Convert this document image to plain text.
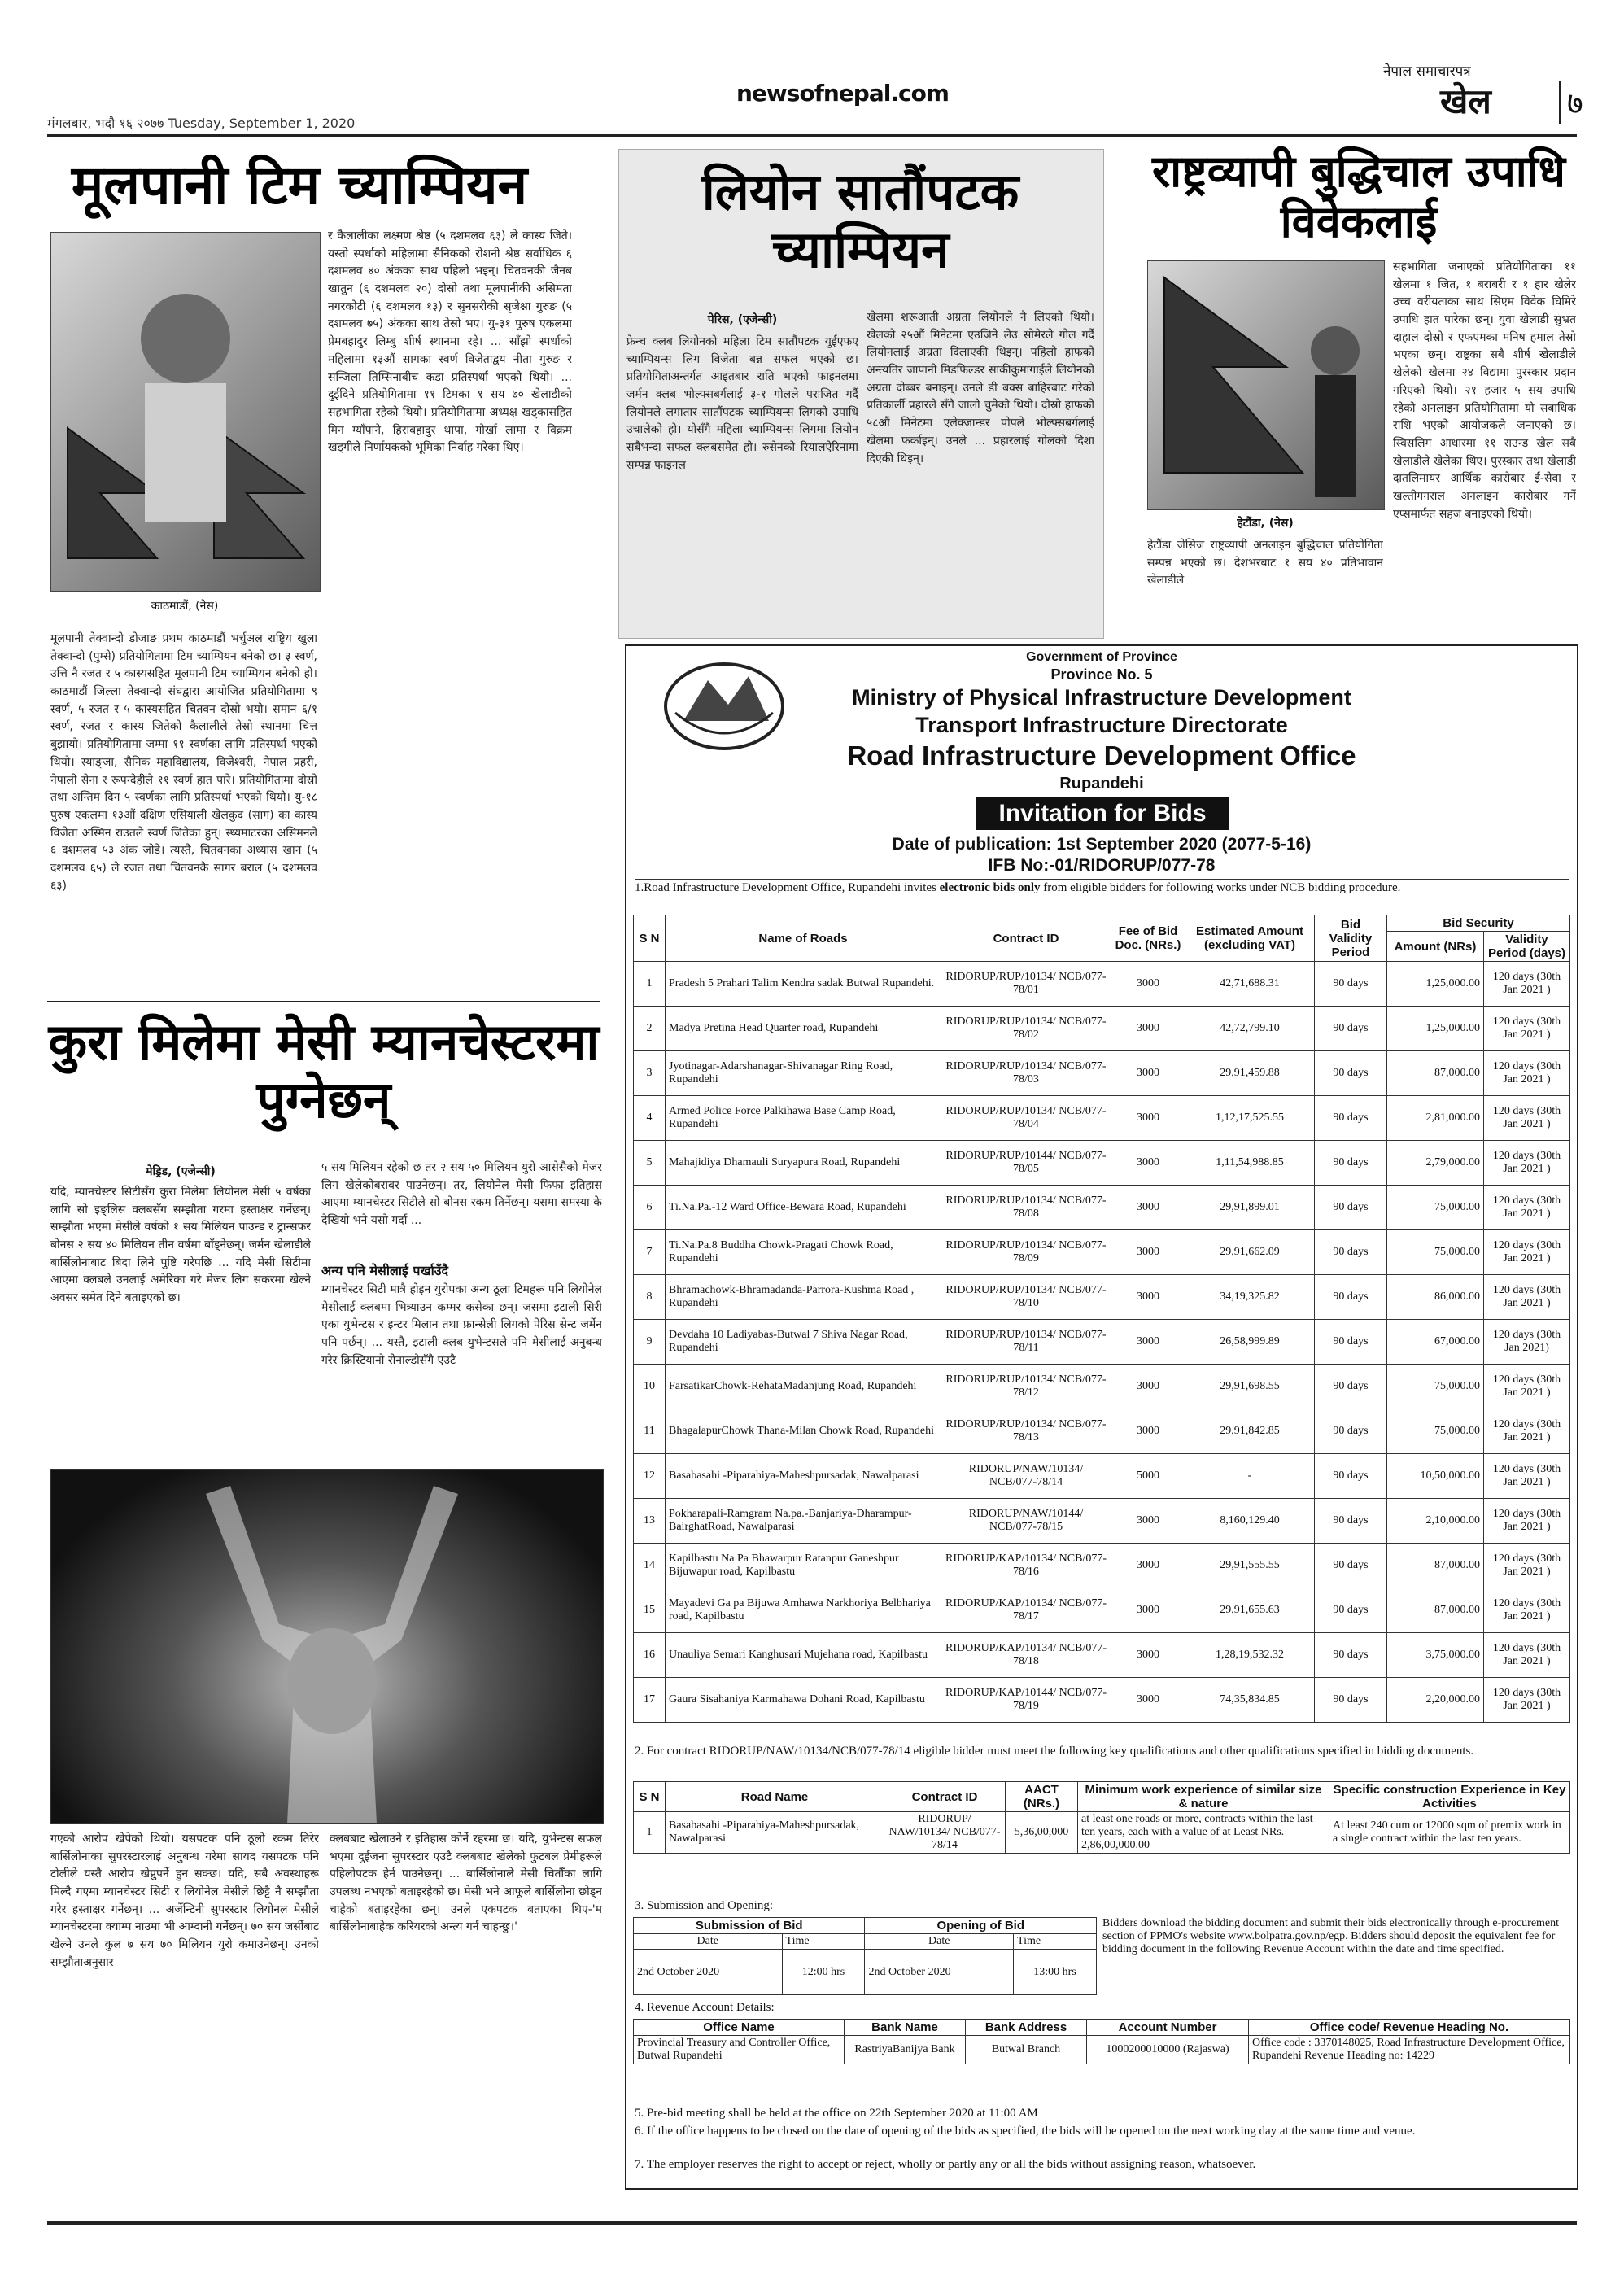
मंगलबार, भदौ १६ २०७७ Tuesday, September 1, 2020
newsofnepal.com
नेपाल समाचारपत्र
खेल ७
मूलपानी टिम च्याम्पियन
काठमाडौं, (नेस)
मूलपानी तेक्वान्दो डोजाङ प्रथम काठमाडौं भर्चुअल राष्ट्रिय खुला तेक्वान्दो (पुम्से) प्रतियोगितामा टिम च्याम्पियन बनेको छ। ३ स्वर्ण, उत्ति नै रजत र ५ कास्यसहित मूलपानी टिम च्याम्पियन बनेको हो। काठमाडौं जिल्ला तेक्वान्दो संघद्वारा आयोजित प्रतियोगितामा ९ स्वर्ण, ५ रजत र ५ कास्यसहित चितवन दोस्रो भयो। समान ६/१ स्वर्ण, रजत र कास्य जितेको कैलालीले तेस्रो स्थानमा चित्त बुझायो। प्रतियोगितामा जम्मा ११ स्वर्णका लागि प्रतिस्पर्धा भएको थियो। स्याङ्जा, सैनिक महाविद्यालय, विजेश्वरी, नेपाल प्रहरी, नेपाली सेना र रूपन्देहीले ११ स्वर्ण हात पारे। प्रतियोगितामा दोस्रो तथा अन्तिम दिन ५ स्वर्णका लागि प्रतिस्पर्धा भएको थियो। यु-१८ पुरुष एकलमा १३औं दक्षिण एसियाली खेलकुद (साग) का कास्य विजेता अस्मिन राउतले स्वर्ण जितेका हुन्। स्थ्यमाटरका असिमनले ६ दशमलव ५३ अंक जोडे। त्यस्तै, चितवनका अध्यास खान (५ दशमलव ६५) ले रजत तथा चितवनकै सागर बराल (५ दशमलव ६३)
र कैलालीका लक्ष्मण श्रेष्ठ (५ दशमलव ६३) ले कास्य जिते। यस्तो स्पर्धाको महिलामा सैनिकको रोशनी श्रेष्ठ सर्वाधिक ६ दशमलव ४० अंकका साथ पहिलो भइन्। चितवनकी जैनब खातुन (६ दशमलव २०) दोस्रो तथा मूलपानीकी असिमता नगरकोटी (६ दशमलव १३) र सुनसरीकी सृजेश्ना गुरुङ (५ दशमलव ७५) अंकका साथ तेस्रो भए। यु-३१ पुरुष एकलमा प्रेमबहादुर लिम्बु शीर्ष स्थानमा रहे। ... साँझो स्पर्धाको महिलामा १३औं सागका स्वर्ण विजेताद्वय नीता गुरुङ र सन्जिला तिम्सिनाबीच कडा प्रतिस्पर्धा भएको थियो। ... दुईदिने प्रतियोगितामा ११ टिमका १ सय ७० खेलाडीको सहभागिता रहेको थियो। प्रतियोगितामा अध्यक्ष खड्कासहित मिन ग्याँपाने, हिराबहादुर थापा, गोर्खा लामा र विक्रम खड्गीले निर्णायकको भूमिका निर्वाह गरेका थिए।
लियोन सातौंपटक च्याम्पियन
पेरिस, (एजेन्सी)
फ्रेन्च क्लब लियोनको महिला टिम सातौंपटक युईएफए च्याम्पियन्स लिग विजेता बन्न सफल भएको छ। प्रतियोगिताअन्तर्गत आइतबार राति भएको फाइनलमा जर्मन क्लब भोल्फ्सबर्गलाई ३-१ गोलले पराजित गर्दै लियोनले लगातार सातौंपटक च्याम्पियन्स लिगको उपाधि उचालेको हो। योसँगै महिला च्याम्पियन्स लिगमा लियोन सबैभन्दा सफल क्लबसमेत हो। रुसेनको रियालऐरिनामा सम्पन्न फाइनल
खेलमा शरूआती अग्रता लियोनले नै लिएको थियो। खेलको २५औं मिनेटमा एउजिने लेउ सोमेरले गोल गर्दै लियोनलाई अग्रता दिलाएकी थिइन्। पहिलो हाफको अन्त्यतिर जापानी मिडफिल्डर साकीकुमागाईले लियोनको अग्रता दोब्बर बनाइन्। उनले डी बक्स बाहिरबाट गरेको प्रतिकार्ली प्रहारले सँगै जालो चुमेको थियो। दोस्रो हाफको ५८औं मिनेटमा एलेक्जान्डर पोपले भोल्फ्सबर्गलाई खेलमा फर्काइन्। उनले ... प्रहारलाई गोलको दिशा दिएकी थिइन्।
राष्ट्रव्यापी बुद्धिचाल उपाधि विवेकलाई
हेटौंडा, (नेस)
हेटौंडा जेसिज राष्ट्रव्यापी अनलाइन बुद्धिचाल प्रतियोगिता सम्पन्न भएको छ। देशभरबाट १ सय ४० प्रतिभावान खेलाडीले
सहभागिता जनाएको प्रतियोगिताका ११ खेलमा १ जित, १ बराबरी र १ हार खेलेर उच्च वरीयताका साथ सिएम विवेक घिमिरे उपाधि हात पारेका छन्। युवा खेलाडी सुभ्रत दाहाल दोस्रो र एफएमका मनिष हमाल तेस्रो भएका छन्। राष्ट्रका सबै शीर्ष खेलाडीले खेलेको खेलमा २४ विद्यामा पुरस्कार प्रदान गरिएको थियो। २१ हजार ५ सय उपाधि रहेको अनलाइन प्रतियोगितामा यो सबाधिक राशि भएको आयोजकले जनाएको छ। स्विसलिग आधारमा ११ राउन्ड खेल सबै खेलाडीले खेलेका थिए। पुरस्कार तथा खेलाडी दातलिमायर आर्थिक कारोबार ई-सेवा र खल्तीगगराल अनलाइन कारोबार गर्ने एप्समार्फत सहज बनाइएको थियो।
कुरा मिलेमा मेसी म्यानचेस्टरमा पुग्नेछन्
मेड्रिड, (एजेन्सी)
यदि, म्यानचेस्टर सिटीसँग कुरा मिलेमा लियोनल मेसी ५ वर्षका लागि सो इङ्लिस क्लबसँग सम्झौता गरमा हस्ताक्षर गर्नेछन्। सम्झौता भएमा मेसीले वर्षको १ सय मिलियन पाउन्ड र ट्रान्सफर बोनस २ सय ४० मिलियन तीन वर्षमा बाँड्नेछन्। जर्मन खेलाडीले बार्सिलोनाबाट बिदा लिने पुष्टि गरेपछि ... यदि मेसी सिटीमा आएमा क्लबले उनलाई अमेरिका गरे मेजर लिग सकरमा खेल्ने अवसर समेत दिने बताइएको छ।
५ सय मिलियन रहेको छ तर २ सय ५० मिलियन युरो आसेसैको मेजर लिग खेलेकोबराबर पाउनेछन्। तर, लियोनेल मेसी फिफा इतिहास आएमा म्यानचेस्टर सिटीले सो बोनस रकम तिर्नेछन्। यसमा समस्या के देखियो भने यसो गर्दा ...
अन्य पनि मेसीलाई पर्खाउँदै
म्यानचेस्टर सिटी मात्रै होइन युरोपका अन्य ठूला टिमहरू पनि लियोनेल मेसीलाई क्लबमा भित्र्याउन कम्मर कसेका छन्। जसमा इटाली सिरी एका युभेन्टस र इन्टर मिलान तथा फ्रान्सेली लिगको पेरिस सेन्ट जर्मेन पनि पर्छन्। ... यस्तै, इटाली क्लब युभेन्टसले पनि मेसीलाई अनुबन्ध गरेर क्रिस्टियानो रोनाल्डोसँगै एउटै
गएको आरोप खेपेको थियो। यसपटक पनि ठूलो रकम तिरेर बार्सिलोनाका सुपरस्टारलाई अनुबन्ध गरेमा सायद यसपटक पनि टोलीले यस्तै आरोप खेप्नुपर्ने हुन सक्छ। यदि, सबै अवस्थाहरू मिल्दै गएमा म्यानचेस्टर सिटी र लियोनेल मेसीले छिट्टै नै सम्झौता गरेर हस्ताक्षर गर्नेछन्। ... अर्जेन्टिनी सुपरस्टार लियोनल मेसीले म्यानचेस्टरमा क्याम्प नाउमा भी आम्दानी गर्नेछन्। ७० सय जर्सीबाट खेल्ने उनले कुल ७ सय ७० मिलियन युरो कमाउनेछन्। उनको सम्झौताअनुसार
क्लबबाट खेलाउने र इतिहास कोर्ने रहरमा छ। यदि, युभेन्टस सफल भएमा दुईजना सुपरस्टार एउटै क्लबबाट खेलेको फुटबल प्रेमीहरूले पहिलोपटक हेर्न पाउनेछन्। ... बार्सिलोनाले मेसी चितौँका लागि उपलब्ध नभएको बताइरहेको छ। मेसी भने आफूले बार्सिलोना छोड्न चाहेको बताइरहेका छन्। उनले एकपटक बताएका थिए-'म बार्सिलोनाबाहेक करियरको अन्त्य गर्न चाहन्छु।'
Government of Province
Province No. 5
Ministry of Physical Infrastructure Development
Transport Infrastructure Directorate
Road Infrastructure Development Office
Rupandehi
Invitation for Bids
Date of publication: 1st September 2020 (2077-5-16)
IFB No:-01/RIDORUP/077-78
1.Road Infrastructure Development Office, Rupandehi invites electronic bids only from eligible bidders for following works under NCB bidding procedure.
S N	Name of Roads	Contract ID	Fee of Bid Doc. (NRs.)	Estimated Amount (excluding VAT)	Bid Validity Period	Bid Security	
						Amount (NRs)	Validity Period (days)
1	Pradesh 5 Prahari Talim Kendra sadak Butwal Rupandehi.	RIDORUP/RUP/10134/ NCB/077-78/01	3000	42,71,688.31	90 days	1,25,000.00	120 days (30th Jan 2021 )
2	Madya Pretina Head Quarter road, Rupandehi	RIDORUP/RUP/10134/ NCB/077-78/02	3000	42,72,799.10	90 days	1,25,000.00	120 days (30th Jan 2021 )
3	Jyotinagar-Adarshanagar-Shivanagar Ring Road, Rupandehi	RIDORUP/RUP/10134/ NCB/077-78/03	3000	29,91,459.88	90 days	87,000.00	120 days (30th Jan 2021 )
4	Armed Police Force Palkihawa Base Camp Road, Rupandehi	RIDORUP/RUP/10134/ NCB/077-78/04	3000	1,12,17,525.55	90 days	2,81,000.00	120 days (30th Jan 2021 )
5	Mahajidiya Dhamauli Suryapura Road, Rupandehi	RIDORUP/RUP/10144/ NCB/077-78/05	3000	1,11,54,988.85	90 days	2,79,000.00	120 days (30th Jan 2021 )
6	Ti.Na.Pa.-12 Ward Office-Bewara Road, Rupandehi	RIDORUP/RUP/10134/ NCB/077-78/08	3000	29,91,899.01	90 days	75,000.00	120 days (30th Jan 2021 )
7	Ti.Na.Pa.8 Buddha Chowk-Pragati Chowk Road, Rupandehi	RIDORUP/RUP/10134/ NCB/077-78/09	3000	29,91,662.09	90 days	75,000.00	120 days (30th Jan 2021 )
8	Bhramachowk-Bhramadanda-Parrora-Kushma Road , Rupandehi	RIDORUP/RUP/10134/ NCB/077-78/10	3000	34,19,325.82	90 days	86,000.00	120 days (30th Jan 2021 )
9	Devdaha 10 Ladiyabas-Butwal 7 Shiva Nagar Road, Rupandehi	RIDORUP/RUP/10134/ NCB/077-78/11	3000	26,58,999.89	90 days	67,000.00	120 days (30th Jan 2021)
10	FarsatikarChowk-RehataMadanjung Road, Rupandehi	RIDORUP/RUP/10134/ NCB/077-78/12	3000	29,91,698.55	90 days	75,000.00	120 days (30th Jan 2021 )
11	BhagalapurChowk Thana-Milan Chowk Road, Rupandehi	RIDORUP/RUP/10134/ NCB/077-78/13	3000	29,91,842.85	90 days	75,000.00	120 days (30th Jan 2021 )
12	Basabasahi -Piparahiya-Maheshpursadak, Nawalparasi	RIDORUP/NAW/10134/ NCB/077-78/14	5000	-	90 days	10,50,000.00	120 days (30th Jan 2021 )
13	Pokharapali-Ramgram Na.pa.-Banjariya-Dharampur-BairghatRoad, Nawalparasi	RIDORUP/NAW/10144/ NCB/077-78/15	3000	8,160,129.40	90 days	2,10,000.00	120 days (30th Jan 2021 )
14	Kapilbastu Na Pa Bhawarpur Ratanpur Ganeshpur Bijuwapur road, Kapilbastu	RIDORUP/KAP/10134/ NCB/077-78/16	3000	29,91,555.55	90 days	87,000.00	120 days (30th Jan 2021 )
15	Mayadevi Ga pa Bijuwa Amhawa Narkhoriya Belbhariya road, Kapilbastu	RIDORUP/KAP/10134/ NCB/077-78/17	3000	29,91,655.63	90 days	87,000.00	120 days (30th Jan 2021 )
16	Unauliya Semari Kanghusari Mujehana road, Kapilbastu	RIDORUP/KAP/10134/ NCB/077-78/18	3000	1,28,19,532.32	90 days	3,75,000.00	120 days (30th Jan 2021 )
17	Gaura Sisahaniya Karmahawa Dohani Road, Kapilbastu	RIDORUP/KAP/10144/ NCB/077-78/19	3000	74,35,834.85	90 days	2,20,000.00	120 days (30th Jan 2021 )
2. For contract RIDORUP/NAW/10134/NCB/077-78/14 eligible bidder must meet the following key qualifications and other qualifications specified in bidding documents.
S N	Road Name	Contract ID	AACT (NRs.)	Minimum work experience of similar size & nature	Specific construction Experience in Key Activities
1	Basabasahi -Piparahiya-Maheshpursadak, Nawalparasi	RIDORUP/ NAW/10134/ NCB/077-78/14	5,36,00,000	at least one roads or more, contracts within the last ten years, each with a value of at Least NRs. 2,86,00,000.00	At least 240 cum or 12000 sqm of premix work in a single contract within the last ten years.
3. Submission and Opening:
Submission of Bid		Opening of Bid	
Date	Time	Date	Time
2nd October 2020	12:00 hrs	2nd October 2020	13:00 hrs
Bidders download the bidding document and submit their bids electronically through e-procurement section of PPMO's website www.bolpatra.gov.np/egp. Bidders should deposit the equivalent fee for bidding document in the following Revenue Account within the date and time specified.
4. Revenue Account Details:
Office Name	Bank Name	Bank Address	Account Number	Office code/ Revenue Heading No.
Provincial Treasury and Controller Office, Butwal Rupandehi	RastriyaBanijya Bank	Butwal Branch	1000200010000 (Rajaswa)	Office code : 3370148025, Road Infrastructure Development Office, Rupandehi Revenue Heading no: 14229
5. Pre-bid meeting shall be held at the office on 22th September 2020 at 11:00 AM
6. If the office happens to be closed on the date of opening of the bids as specified, the bids will be opened on the next working day at the same time and venue.
7. The employer reserves the right to accept or reject, wholly or partly any or all the bids without assigning reason, whatsoever.
